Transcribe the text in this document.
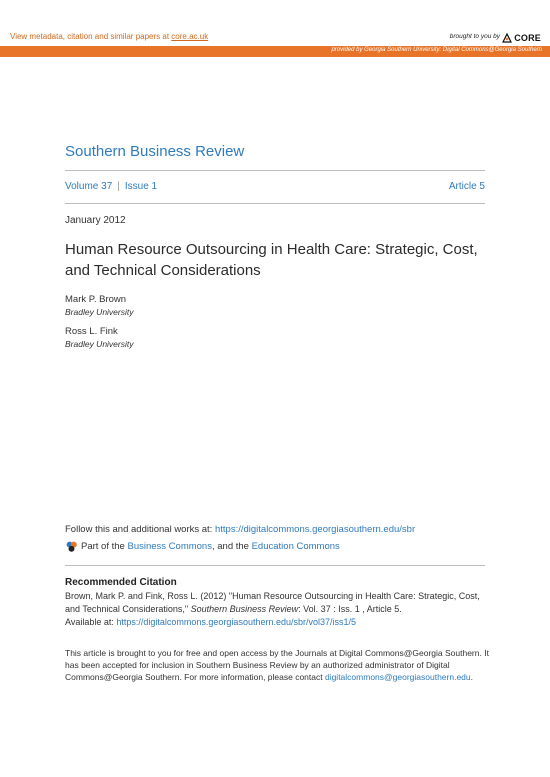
View metadata, citation and similar papers at core.ac.uk	brought to you by CORE
provided by Georgia Southern University: Digital Commons@Georgia Southern
Southern Business Review
Volume 37 | Issue 1	Article 5
January 2012
Human Resource Outsourcing in Health Care: Strategic, Cost, and Technical Considerations
Mark P. Brown
Bradley University
Ross L. Fink
Bradley University
Follow this and additional works at: https://digitalcommons.georgiasouthern.edu/sbr
Part of the Business Commons, and the Education Commons
Recommended Citation
Brown, Mark P. and Fink, Ross L. (2012) "Human Resource Outsourcing in Health Care: Strategic, Cost, and Technical Considerations," Southern Business Review: Vol. 37 : Iss. 1 , Article 5.
Available at: https://digitalcommons.georgiasouthern.edu/sbr/vol37/iss1/5
This article is brought to you for free and open access by the Journals at Digital Commons@Georgia Southern. It has been accepted for inclusion in Southern Business Review by an authorized administrator of Digital Commons@Georgia Southern. For more information, please contact digitalcommons@georgiasouthern.edu.
